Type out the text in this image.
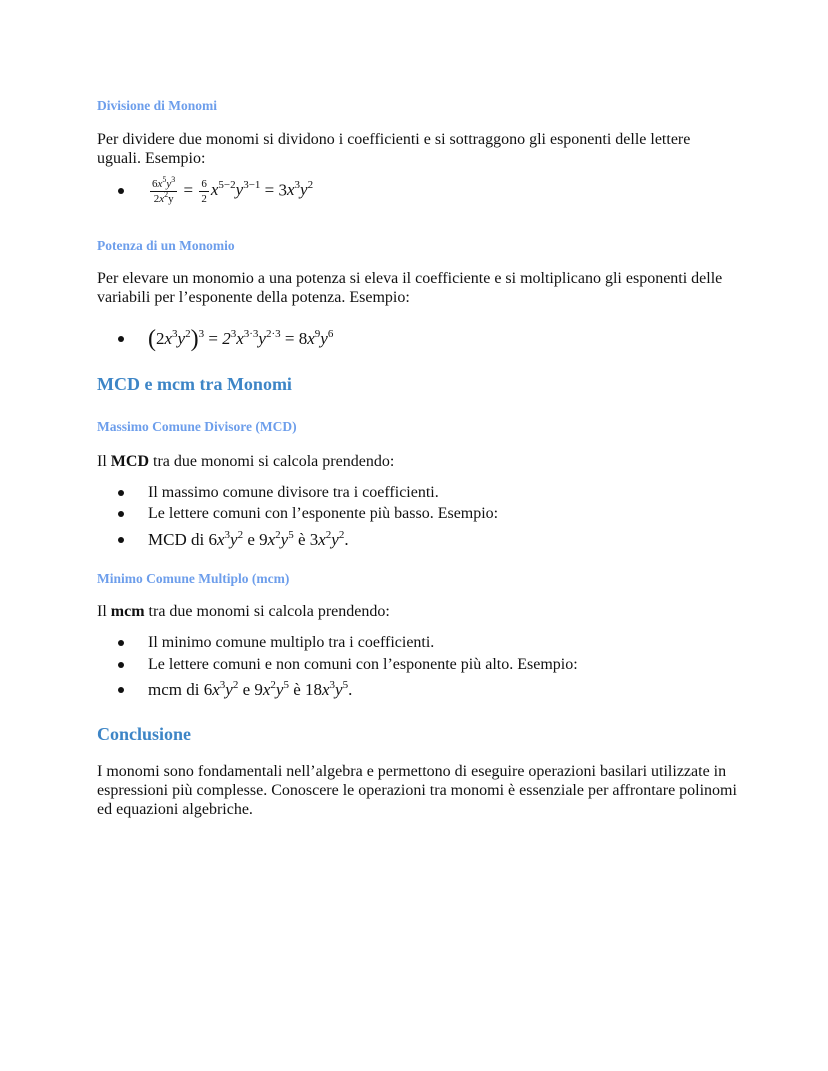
Divisione di Monomi
Per dividere due monomi si dividono i coefficienti e si sottraggono gli esponenti delle lettere uguali. Esempio:
$\frac{6x^5y^3}{2x^2y} = \frac{6}{2} x^{5-2}y^{3-1} = 3x^3y^2$
Potenza di un Monomio
Per elevare un monomio a una potenza si eleva il coefficiente e si moltiplicano gli esponenti delle variabili per l’esponente della potenza. Esempio:
$(2x^3y^2)^3 = 2^3x^{3\cdot 3}y^{2\cdot 3} = 8x^9y^6$
MCD e mcm tra Monomi
Massimo Comune Divisore (MCD)
Il MCD tra due monomi si calcola prendendo:
Il massimo comune divisore tra i coefficienti.
Le lettere comuni con l’esponente più basso. Esempio:
MCD di $6x^3y^2$ e $9x^2y^5$ è $3x^2y^2$.
Minimo Comune Multiplo (mcm)
Il mcm tra due monomi si calcola prendendo:
Il minimo comune multiplo tra i coefficienti.
Le lettere comuni e non comuni con l’esponente più alto. Esempio:
mcm di $6x^3y^2$ e $9x^2y^5$ è $18x^3y^5$.
Conclusione
I monomi sono fondamentali nell’algebra e permettono di eseguire operazioni basilari utilizzate in espressioni più complesse. Conoscere le operazioni tra monomi è essenziale per affrontare polinomi ed equazioni algebriche.
